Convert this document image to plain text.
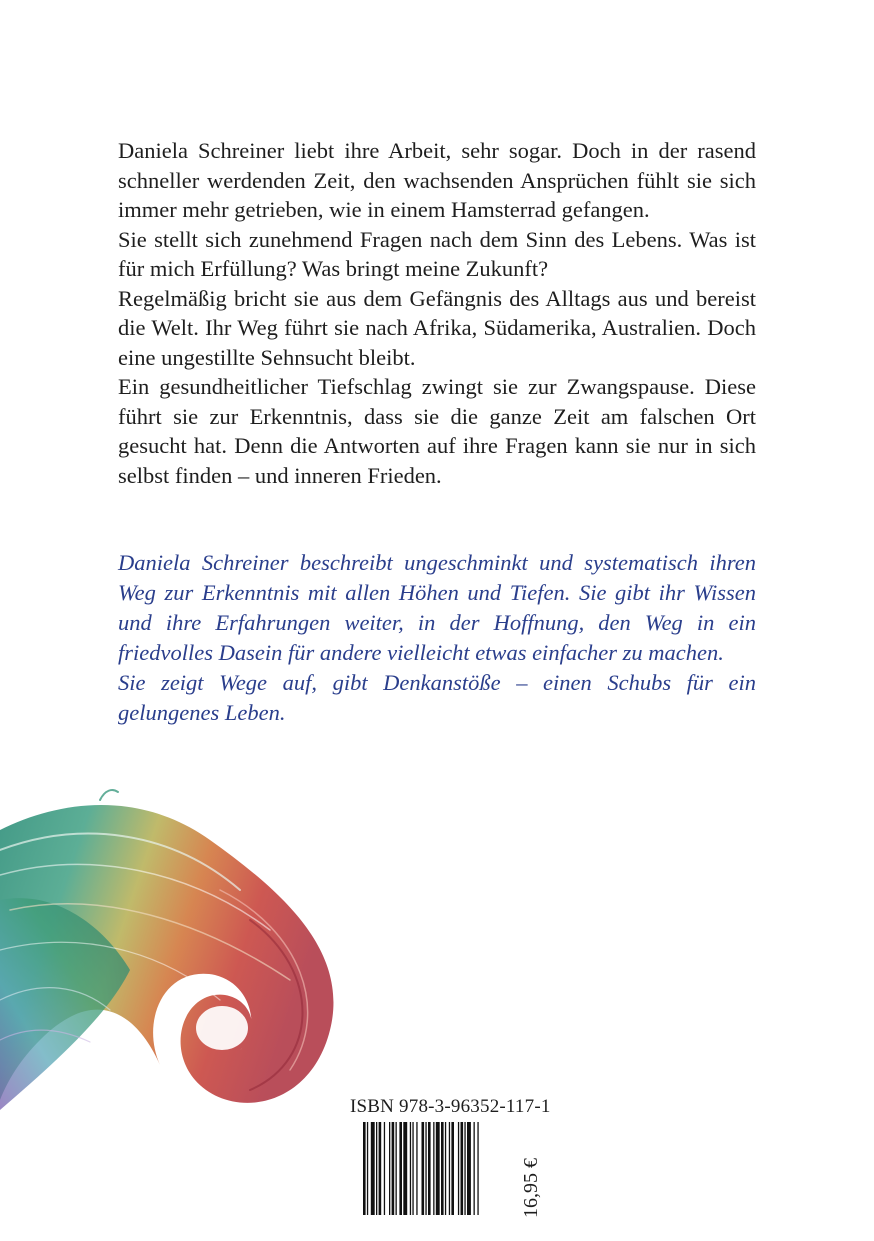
Daniela Schreiner liebt ihre Arbeit, sehr sogar. Doch in der rasend schneller werdenden Zeit, den wachsenden Ansprüchen fühlt sie sich immer mehr getrieben, wie in einem Hamsterrad gefangen.

Sie stellt sich zunehmend Fragen nach dem Sinn des Lebens. Was ist für mich Erfüllung? Was bringt meine Zukunft?

Regelmäßig bricht sie aus dem Gefängnis des Alltags aus und bereist die Welt. Ihr Weg führt sie nach Afrika, Südamerika, Australien. Doch eine ungestillte Sehnsucht bleibt.

Ein gesundheitlicher Tiefschlag zwingt sie zur Zwangspause. Diese führt sie zur Erkenntnis, dass sie die ganze Zeit am falschen Ort gesucht hat. Denn die Antworten auf ihre Fragen kann sie nur in sich selbst finden – und inneren Frieden.

Daniela Schreiner beschreibt ungeschminkt und systematisch ihren Weg zur Erkenntnis mit allen Höhen und Tiefen. Sie gibt ihr Wissen und ihre Erfahrungen weiter, in der Hoffnung, den Weg in ein friedvolles Dasein für andere vielleicht etwas einfacher zu machen.

Sie zeigt Wege auf, gibt Denkanstöße – einen Schubs für ein gelungenes Leben.

ISBN 978-3-96352-117-1
16,95 €
